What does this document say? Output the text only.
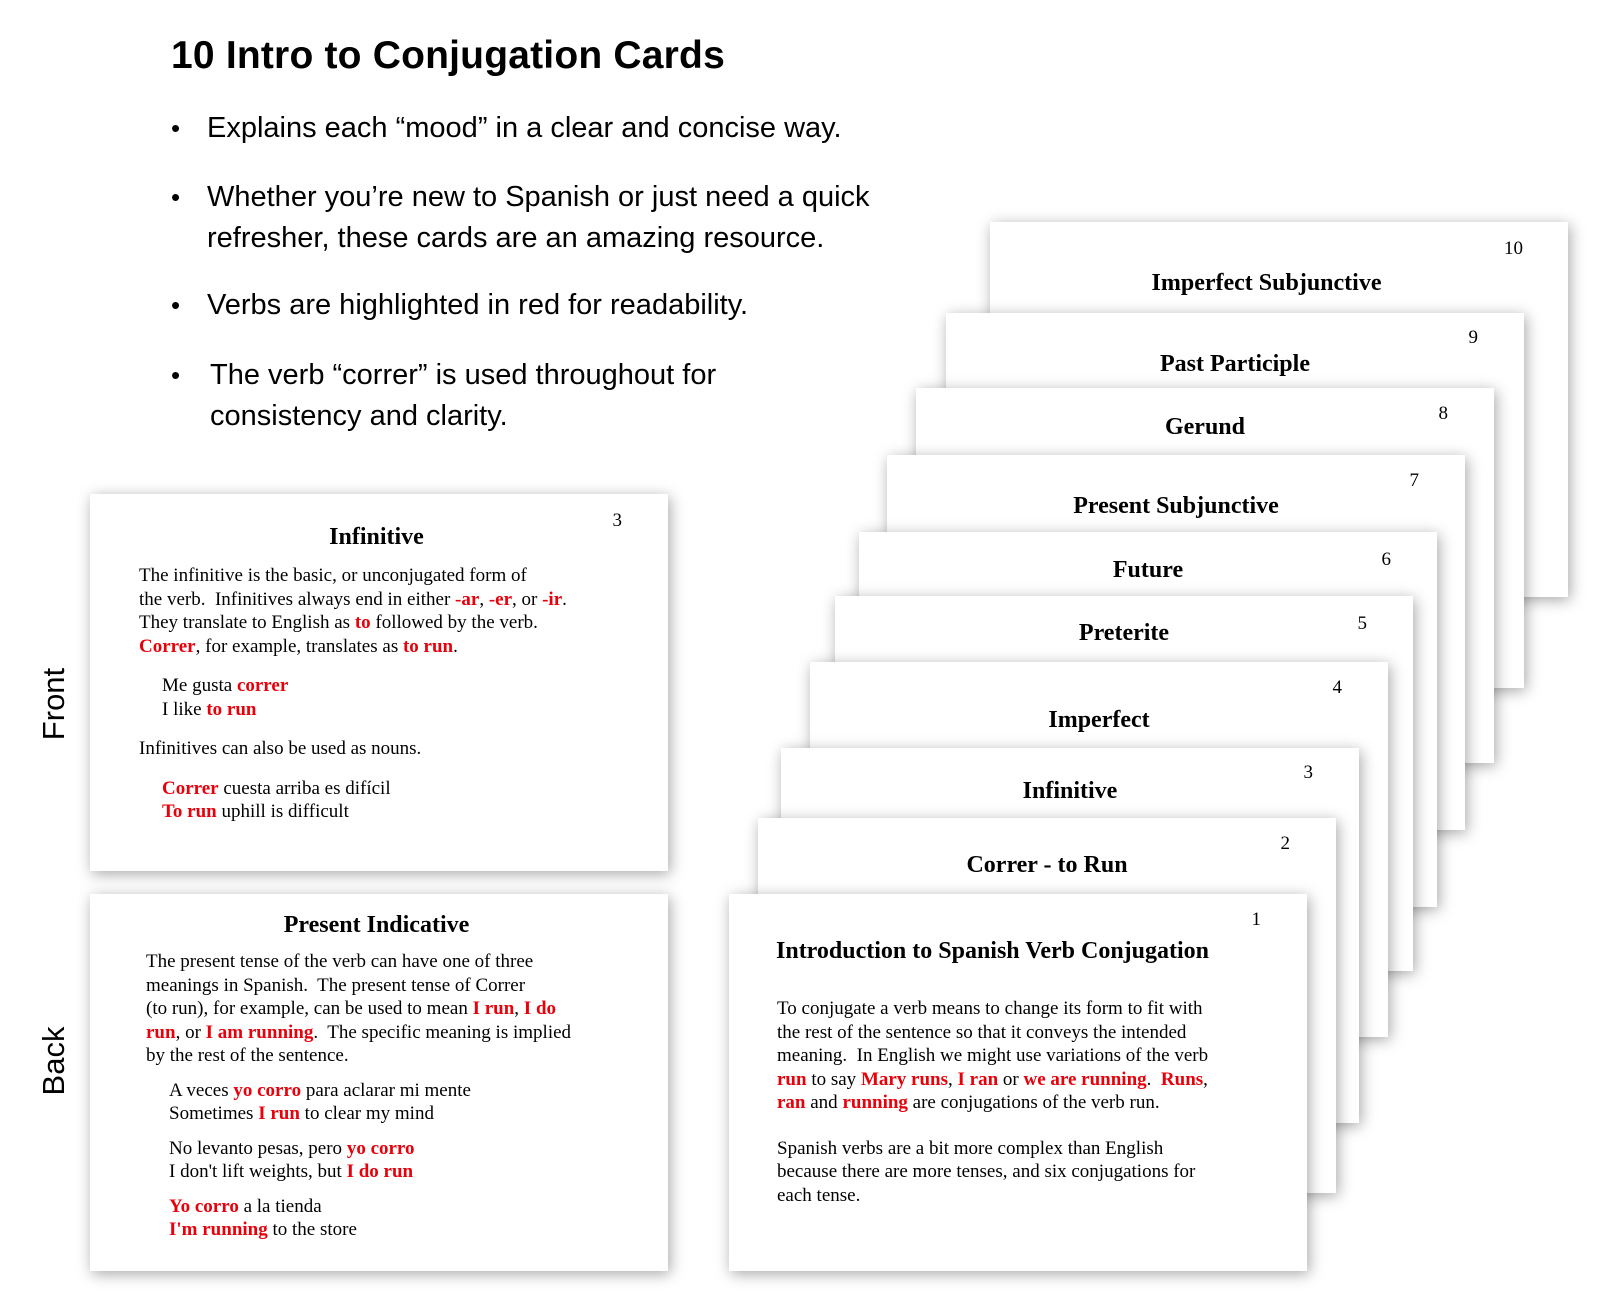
10 Intro to Conjugation Cards
• Explains each “mood” in a clear and concise way.
• Whether you’re new to Spanish or just need a quick
refresher, these cards are an amazing resource.
• Verbs are highlighted in red for readability.
• The verb “correr” is used throughout for
consistency and clarity.
10
Imperfect Subjunctive
9
Past Participle
8
Gerund
7
Present Subjunctive
6
Future
5
Preterite
4
Imperfect
3
Infinitive
2
Correr - to Run
1
Introduction to Spanish Verb Conjugation

To conjugate a verb means to change its form to fit with
the rest of the sentence so that it conveys the intended
meaning.  In English we might use variations of the verb
run to say Mary runs, I ran or we are running.  Runs,
ran and running are conjugations of the verb run.

Spanish verbs are a bit more complex than English
because there are more tenses, and six conjugations for
each tense.

Front
Back
3
Infinitive

The infinitive is the basic, or unconjugated form of
the verb.  Infinitives always end in either -ar, -er, or -ir.
They translate to English as to followed by the verb.
Correr, for example, translates as to run.

Me gusta correr
I like to run

Infinitives can also be used as nouns.

Correr cuesta arriba es difícil
To run uphill is difficult

Present Indicative

The present tense of the verb can have one of three
meanings in Spanish.  The present tense of Correr
(to run), for example, can be used to mean I run, I do
run, or I am running.  The specific meaning is implied
by the rest of the sentence.

A veces yo corro para aclarar mi mente
Sometimes I run to clear my mind

No levanto pesas, pero yo corro
I don't lift weights, but I do run

Yo corro a la tienda
I'm running to the store
